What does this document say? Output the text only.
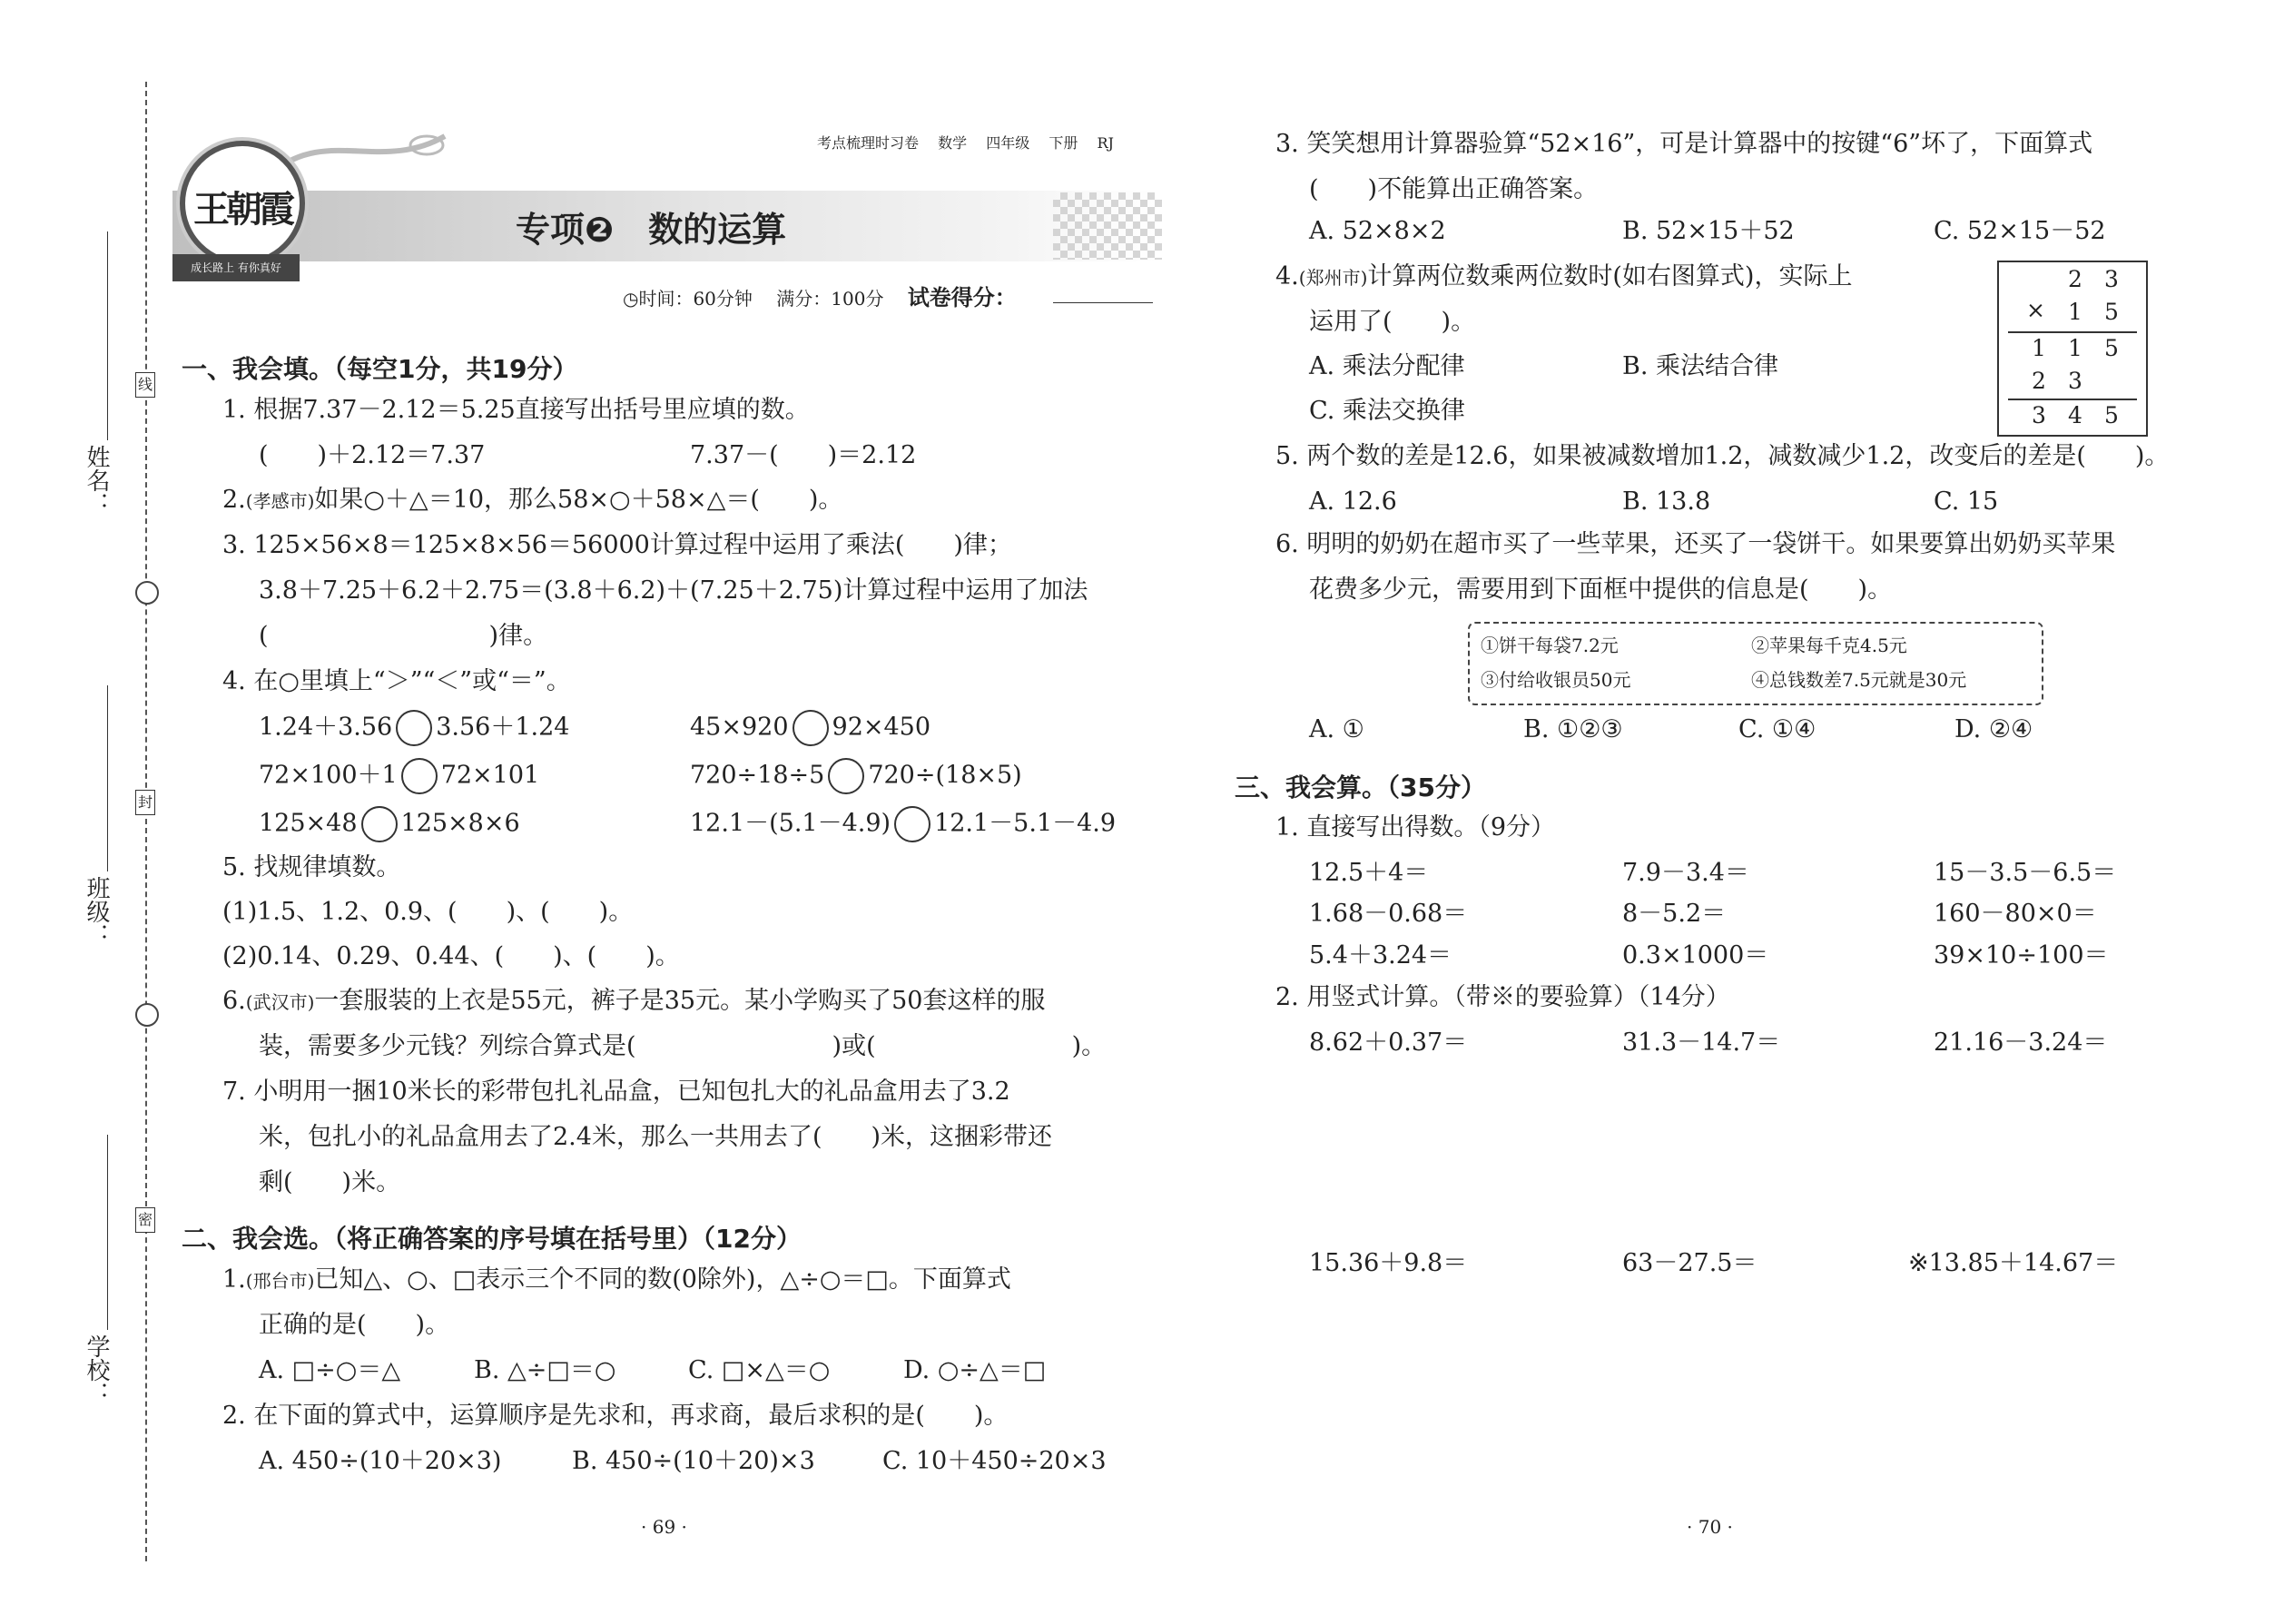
线
封
密
姓名：
班级：
学校：
考点梳理时习卷　 数学　 四年级　 下册　 RJ
专项❷　数的运算
王朝霞
成长路上 有你真好
◷时间：60分钟　 满分：100分　 试卷得分：
一、我会填。（每空1分，共19分）
1. 根据7.37－2.12＝5.25直接写出括号里应填的数。
(　　)＋2.12＝7.37	7.37－(　　)＝2.12
2.(孝感市)如果○＋△＝10，那么58×○＋58×△＝(　　)。
3. 125×56×8＝125×8×56＝56000计算过程中运用了乘法(　　)律；
3.8＋7.25＋6.2＋2.75＝(3.8＋6.2)＋(7.25＋2.75)计算过程中运用了加法
(　　　　　　　　　)律。
4. 在○里填上“＞”“＜”或“＝”。
1.24＋3.56 3.56＋1.24	45×920 92×450
72×100＋1 72×101	720÷18÷5 720÷(18×5)
125×48 125×8×6	12.1－(5.1－4.9) 12.1－5.1－4.9
5. 找规律填数。
(1)1.5、1.2、0.9、(　　)、(　　)。
(2)0.14、0.29、0.44、(　　)、(　　)。
6.(武汉市)一套服装的上衣是55元，裤子是35元。某小学购买了50套这样的服
装，需要多少元钱？列综合算式是(　　　　　　　　)或(　　　　　　　　)。
7. 小明用一捆10米长的彩带包扎礼品盒，已知包扎大的礼品盒用去了3.2
米，包扎小的礼品盒用去了2.4米，那么一共用去了(　　)米，这捆彩带还
剩(　　)米。
二、我会选。（将正确答案的序号填在括号里）（12分）
1.(邢台市)已知△、○、□表示三个不同的数(0除外)，△÷○＝□。下面算式
正确的是(　　)。
A. □÷○＝△	B. △÷□＝○	C. □×△＝○	D. ○÷△＝□
2. 在下面的算式中，运算顺序是先求和，再求商，最后求积的是(　　)。
A. 450÷(10＋20×3)	B. 450÷(10＋20)×3	C. 10＋450÷20×3
· 69 ·
3. 笑笑想用计算器验算“52×16”，可是计算器中的按键“6”坏了，下面算式
(　　)不能算出正确答案。
A. 52×8×2	B. 52×15＋52	C. 52×15－52
4.(郑州市)计算两位数乘两位数时(如右图算式)，实际上
运用了(　　)。
A. 乘法分配律	B. 乘法结合律
C. 乘法交换律
2 3
× 1 5
1 1 5
2 3
3 4 5
5. 两个数的差是12.6，如果被减数增加1.2，减数减少1.2，改变后的差是(　　)。
A. 12.6	B. 13.8	C. 15
6. 明明的奶奶在超市买了一些苹果，还买了一袋饼干。如果要算出奶奶买苹果
花费多少元，需要用到下面框中提供的信息是(　　)。
①饼干每袋7.2元	②苹果每千克4.5元
③付给收银员50元	④总钱数差7.5元就是30元
A. ①	B. ①②③	C. ①④	D. ②④
三、我会算。（35分）
1. 直接写出得数。（9分）
12.5＋4＝	7.9－3.4＝	15－3.5－6.5＝
1.68－0.68＝	8－5.2＝	160－80×0＝
5.4＋3.24＝	0.3×1000＝	39×10÷100＝
2. 用竖式计算。（带※的要验算）（14分）
8.62＋0.37＝	31.3－14.7＝	21.16－3.24＝
15.36＋9.8＝	63－27.5＝	※13.85＋14.67＝
· 70 ·
